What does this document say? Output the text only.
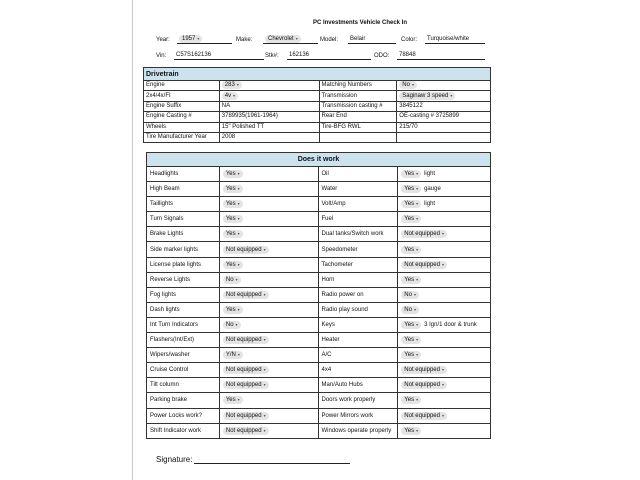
PC Investments Vehicle Check In
Year:	1957 ▾	Make:	Chevrolet ▾	Model:	Belair	Color:	Turquoise/white
Vin:	C57S162136	Stk#:	162136	ODO:	78848
Drivetrain			
Engine	283 ▾	Matching Numbers	No ▾
2x4/4x/FI	4v ▾	Transmission	Saginaw 3 speed ▾
Engine Suffix	NA	Transmission casting #	3845122
Engine Casting #	3789935(1961-1964)	Rear End	OE-casting # 3725899
Wheels	15" Polished TT	Tire-BFG RWL	215/70
Tire Manufacturer Year	2008		
Does it work			
Headlights	Yes ▾	Oil	Yes ▾ light
High Beam	Yes ▾	Water	Yes ▾ gauge
Taillights	Yes ▾	Volt/Amp	Yes ▾ light
Turn Signals	Yes ▾	Fuel	Yes ▾
Brake Lights	Yes ▾	Dual tanks/Switch work	Not equipped ▾
Side marker lights	Not equipped ▾	Speedometer	Yes ▾
License plate lights	Yes ▾	Tachometer	Not equipped ▾
Reverse Lights	No ▾	Horn	Yes ▾
Fog lights	Not equipped ▾	Radio power on	No ▾
Dash lights	Yes ▾	Radio play sound	No ▾
Int Turn Indicators	No ▾	Keys	Yes ▾ 3 Ign/1 door & trunk
Flashers(Int/Ext)	Not equipped ▾	Heater	Yes ▾
Wipers/washer	Y/N ▾	A/C	Yes ▾
Cruise Control	Not equipped ▾	4x4	Not equipped ▾
Tilt column	Not equipped ▾	Man/Auto Hubs	Not equipped ▾
Parking brake	Yes ▾	Doors work properly	Yes ▾
Power Locks work?	Not equipped ▾	Power Mirrors work	Not equipped ▾
Shift Indicator work	Not equipped ▾	Windows operate properly	Yes ▾
Signature:
